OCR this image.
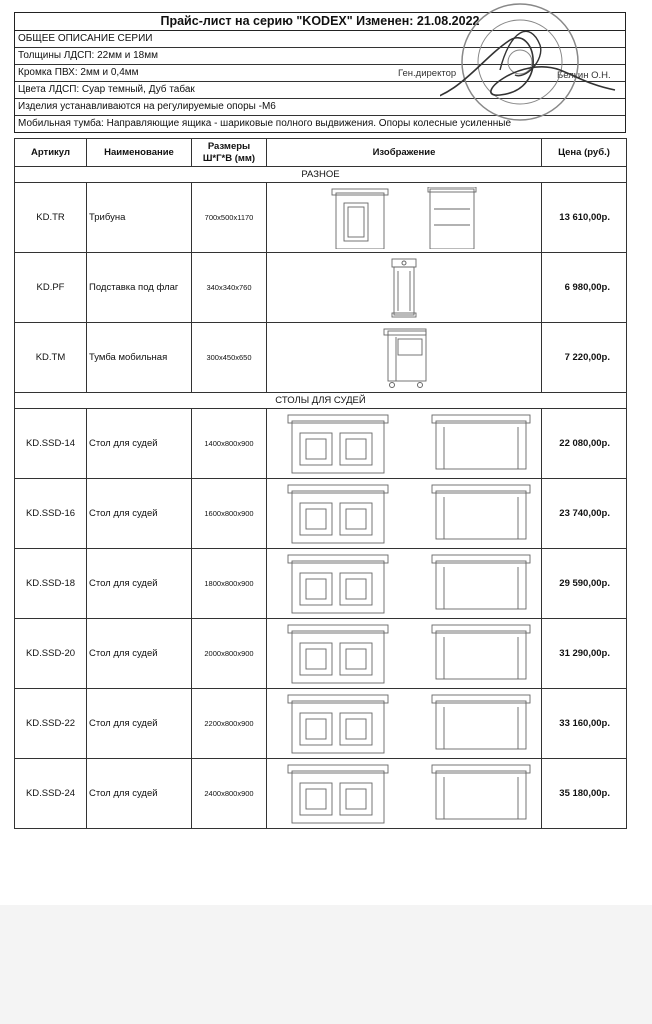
Прайс-лист на серию "KODEX" Изменен: 21.08.2022
ОБЩЕЕ ОПИСАНИЕ СЕРИИ
Толщины ЛДСП: 22мм и 18мм
Кромка ПВХ: 2мм и 0,4мм
Цвета ЛДСП: Суар темный, Дуб табак
Изделия устанавливаются на регулируемые опоры -М6
Мобильная тумба: Направляющие ящика - шариковые полного выдвижения. Опоры колесные усиленные
Артикул	Наименование	Размеры Ш*Г*В (мм)	Изображение	Цена (руб.)
РАЗНОЕ				
KD.TR	Трибуна	700x500x1170		13 610,00р.
KD.PF	Подставка под флаг	340x340x760		6 980,00р.
KD.TM	Тумба мобильная	300x450x650		7 220,00р.
СТОЛЫ ДЛЯ СУДЕЙ				
KD.SSD-14	Стол для судей	1400x800x900		22 080,00р.
KD.SSD-16	Стол для судей	1600x800x900		23 740,00р.
KD.SSD-18	Стол для судей	1800x800x900		29 590,00р.
KD.SSD-20	Стол для судей	2000x800x900		31 290,00р.
KD.SSD-22	Стол для судей	2200x800x900		33 160,00р.
KD.SSD-24	Стол для судей	2400x800x900		35 180,00р.
Ген.директор	Белкин О.Н.
